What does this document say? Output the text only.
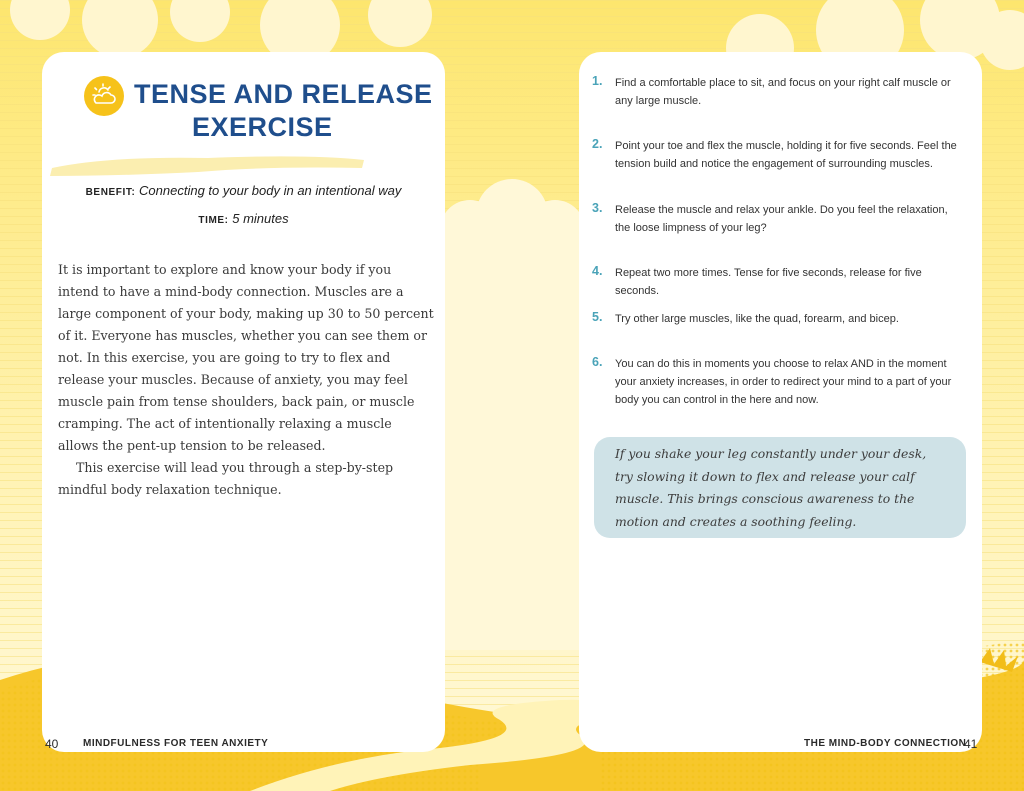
TENSE AND RELEASE
EXERCISE
BENEFIT: Connecting to your body in an intentional way
TIME: 5 minutes

It is important to explore and know your body if you intend to have a mind-body connection. Muscles are a large component of your body, making up 30 to 50 percent of it. Everyone has muscles, whether you can see them or not. In this exercise, you are going to try to flex and release your muscles. Because of anxiety, you may feel muscle pain from tense shoulders, back pain, or muscle cramping. The act of intentionally relaxing a muscle allows the pent-up tension to be released.

This exercise will lead you through a step-by-step mindful body relaxation technique.

1. Find a comfortable place to sit, and focus on your right calf muscle or any large muscle.
2. Point your toe and flex the muscle, holding it for five seconds. Feel the tension build and notice the engagement of surrounding muscles.
3. Release the muscle and relax your ankle. Do you feel the relaxation, the loose limpness of your leg?
4. Repeat two more times. Tense for five seconds, release for five seconds.
5. Try other large muscles, like the quad, forearm, and bicep.
6. You can do this in moments you choose to relax AND in the moment your anxiety increases, in order to redirect your mind to a part of your body you can control in the here and now.
If you shake your leg constantly under your desk, try slowing it down to flex and release your calf muscle. This brings conscious awareness to the motion and creates a soothing feeling.
40 MINDFULNESS FOR TEEN ANXIETY	THE MIND-BODY CONNECTION
41
